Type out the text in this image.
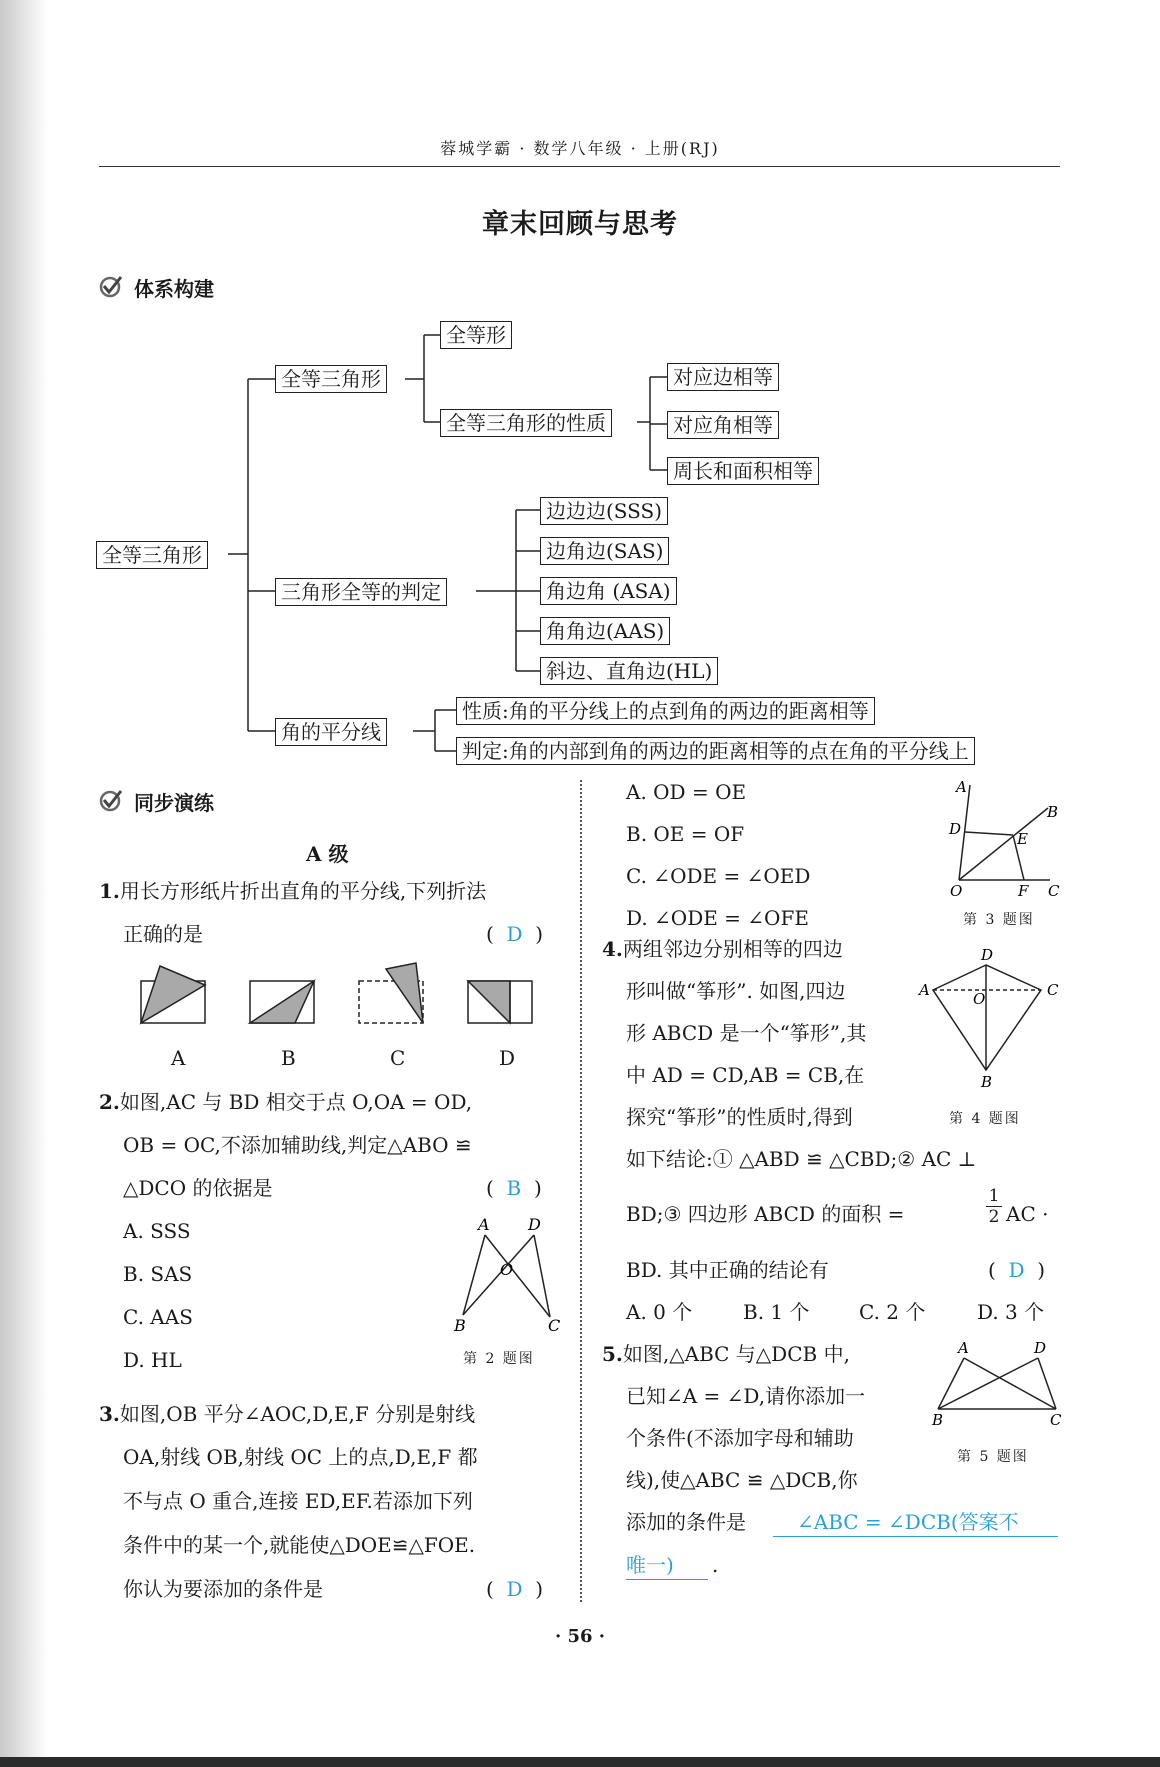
蓉城学霸 · 数学八年级 · 上册(RJ)
章末回顾与思考
体系构建
全等三角形
全等三角形
全等形
全等三角形的性质
对应边相等
对应角相等
周长和面积相等
三角形全等的判定
边边边(SSS)
边角边(SAS)
角边角 (ASA)
角角边(AAS)
斜边、直角边(HL)
角的平分线
性质:角的平分线上的点到角的两边的距离相等
判定:角的内部到角的两边的距离相等的点在角的平分线上
同步演练
A 级
1.用长方形纸片折出直角的平分线,下列折法
正确的是	(  D  )
A	B	C	D
2.如图,AC 与 BD 相交于点 O,OA = OD,
OB = OC,不添加辅助线,判定△ABO ≌
△DCO 的依据是	(  B  )
A. SSS
B. SAS
C. AAS
D. HL
A D
O
B	C
第 2 题图
3.如图,OB 平分∠AOC,D,E,F 分别是射线
OA,射线 OB,射线 OC 上的点,D,E,F 都
不与点 O 重合,连接 ED,EF.若添加下列
条件中的某一个,就能使△DOE≌△FOE.
你认为要添加的条件是	(  D  )
A. OD = OE
B. OE = OF
C. ∠ODE = ∠OED
D. ∠ODE = ∠OFE
A
B
D
E
O	F C
第 3 题图
4.两组邻边分别相等的四边
形叫做“筝形”. 如图,四边
形 ABCD 是一个“筝形”,其
中 AD = CD,AB = CB,在
探究“筝形”的性质时,得到
D
A	O	C
B
第 4 题图
如下结论:① △ABD ≌ △CBD;② AC ⊥
BD;③ 四边形 ABCD 的面积 =	$\frac{1}{2}$ AC ·
BD. 其中正确的结论有	(  D  )
A. 0 个	B. 1 个 C. 2 个	D. 3 个
5.如图,△ABC 与△DCB 中,
已知∠A = ∠D,请你添加一
个条件(不添加字母和辅助
线),使△ABC ≌ △DCB,你
A	D
B	C
第 5 题图
添加的条件是	∠ABC = ∠DCB(答案不
唯一)	.
· 56 ·
